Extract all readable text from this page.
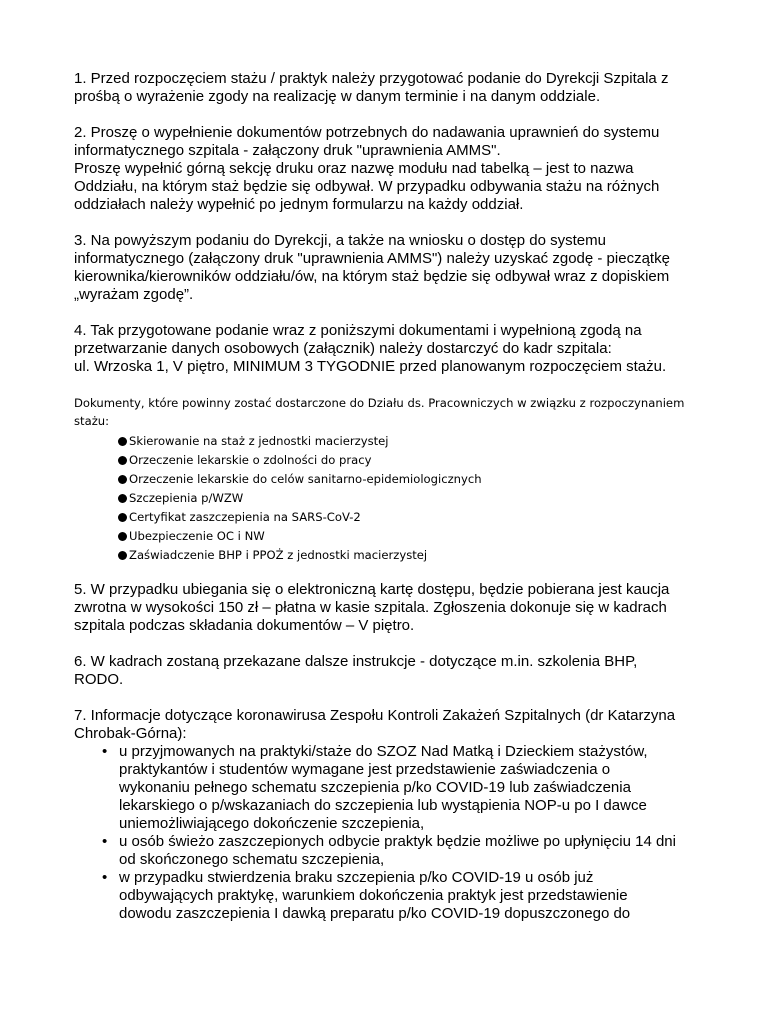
1. Przed rozpoczęciem stażu / praktyk należy przygotować podanie do Dyrekcji Szpitala z
prośbą o wyrażenie zgody na realizację w danym terminie i na danym oddziale.

2. Proszę o wypełnienie dokumentów potrzebnych do nadawania uprawnień do systemu
informatycznego szpitala - załączony druk "uprawnienia AMMS".
Proszę wypełnić górną sekcję druku oraz nazwę modułu nad tabelką – jest to nazwa
Oddziału, na którym staż będzie się odbywał. W przypadku odbywania stażu na różnych
oddziałach należy wypełnić po jednym formularzu na każdy oddział.

3. Na powyższym podaniu do Dyrekcji, a także na wniosku o dostęp do systemu
informatycznego (załączony druk "uprawnienia AMMS") należy uzyskać zgodę - pieczątkę
kierownika/kierowników oddziału/ów, na którym staż będzie się odbywał wraz z dopiskiem
„wyrażam zgodę”.

4. Tak przygotowane podanie wraz z poniższymi dokumentami i wypełnioną zgodą na
przetwarzanie danych osobowych (załącznik) należy dostarczyć do kadr szpitala:
ul. Wrzoska 1, V piętro, MINIMUM 3 TYGODNIE przed planowanym rozpoczęciem stażu.

Dokumenty, które powinny zostać dostarczone do Działu ds. Pracowniczych w związku z rozpoczynaniem
stażu:
Skierowanie na staż z jednostki macierzystej
Orzeczenie lekarskie o zdolności do pracy
Orzeczenie lekarskie do celów sanitarno-epidemiologicznych
Szczepienia p/WZW
Certyfikat zaszczepienia na SARS-CoV-2
Ubezpieczenie OC i NW
Zaświadczenie BHP i PPOŻ z jednostki macierzystej

5. W przypadku ubiegania się o elektroniczną kartę dostępu, będzie pobierana jest kaucja
zwrotna w wysokości 150 zł – płatna w kasie szpitala. Zgłoszenia dokonuje się w kadrach
szpitala podczas składania dokumentów – V piętro.

6. W kadrach zostaną przekazane dalsze instrukcje - dotyczące m.in. szkolenia BHP,
RODO.

7. Informacje dotyczące koronawirusa Zespołu Kontroli Zakażeń Szpitalnych (dr Katarzyna
Chrobak-Górna):

• u przyjmowanych na praktyki/staże do SZOZ Nad Matką i Dzieckiem stażystów,
praktykantów i studentów wymagane jest przedstawienie zaświadczenia o
wykonaniu pełnego schematu szczepienia p/ko COVID-19 lub zaświadczenia
lekarskiego o p/wskazaniach do szczepienia lub wystąpienia NOP-u po I dawce
uniemożliwiającego dokończenie szczepienia,
• u osób świeżo zaszczepionych odbycie praktyk będzie możliwe po upłynięciu 14 dni
od skończonego schematu szczepienia,
• w przypadku stwierdzenia braku szczepienia p/ko COVID-19 u osób już
odbywających praktykę, warunkiem dokończenia praktyk jest przedstawienie
dowodu zaszczepienia I dawką preparatu p/ko COVID-19 dopuszczonego do
